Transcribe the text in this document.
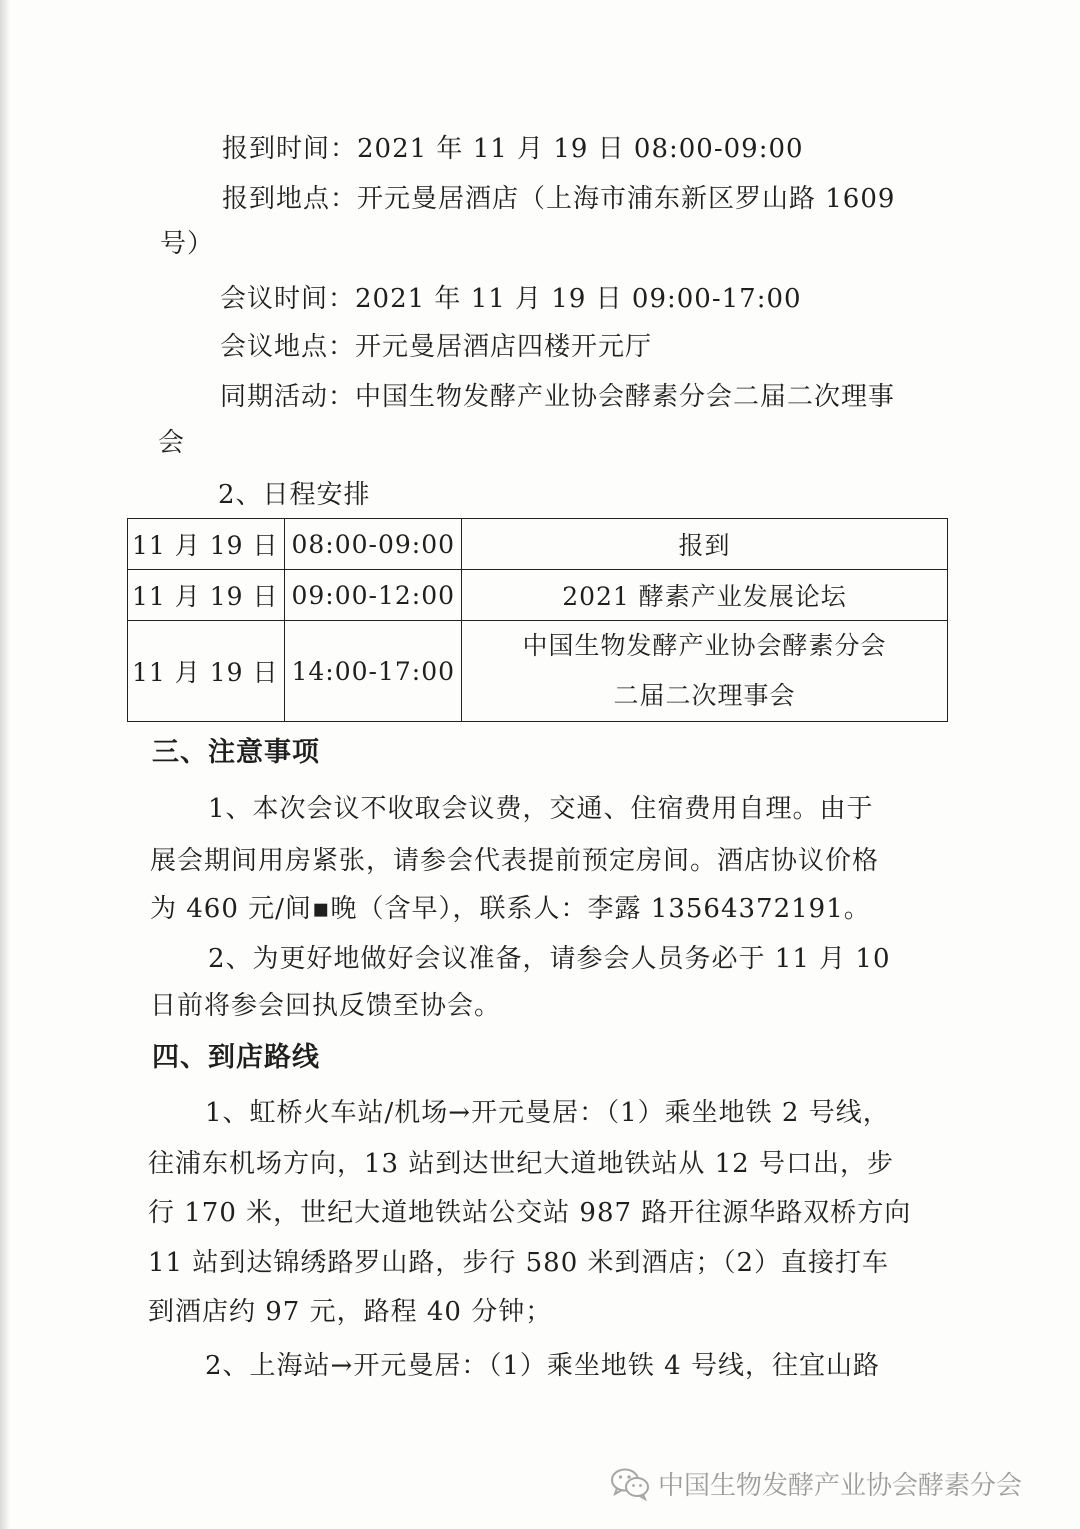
报到时间：2021 年 11 月 19 日 08:00-09:00
报到地点：开元曼居酒店（上海市浦东新区罗山路 1609
号）
会议时间：2021 年 11 月 19 日 09:00-17:00
会议地点：开元曼居酒店四楼开元厅
同期活动：中国生物发酵产业协会酵素分会二届二次理事
会
2、日程安排
11 月 19 日	08:00-09:00	报到
11 月 19 日	09:00-12:00	2021 酵素产业发展论坛
11 月 19 日	14:00-17:00	中国生物发酵产业协会酵素分会
二届二次理事会
三、注意事项
1、本次会议不收取会议费，交通、住宿费用自理。由于
展会期间用房紧张，请参会代表提前预定房间。酒店协议价格
为 460 元/间▪晚（含早），联系人：李露 13564372191。
2、为更好地做好会议准备，请参会人员务必于 11 月 10
日前将参会回执反馈至协会。
四、到店路线
1、虹桥火车站/机场→开元曼居：（1）乘坐地铁 2 号线，
往浦东机场方向，13 站到达世纪大道地铁站从 12 号口出，步
行 170 米，世纪大道地铁站公交站 987 路开往源华路双桥方向
11 站到达锦绣路罗山路，步行 580 米到酒店；（2）直接打车
到酒店约 97 元，路程 40 分钟；
2、上海站→开元曼居：（1）乘坐地铁 4 号线，往宜山路
中国生物发酵产业协会酵素分会
